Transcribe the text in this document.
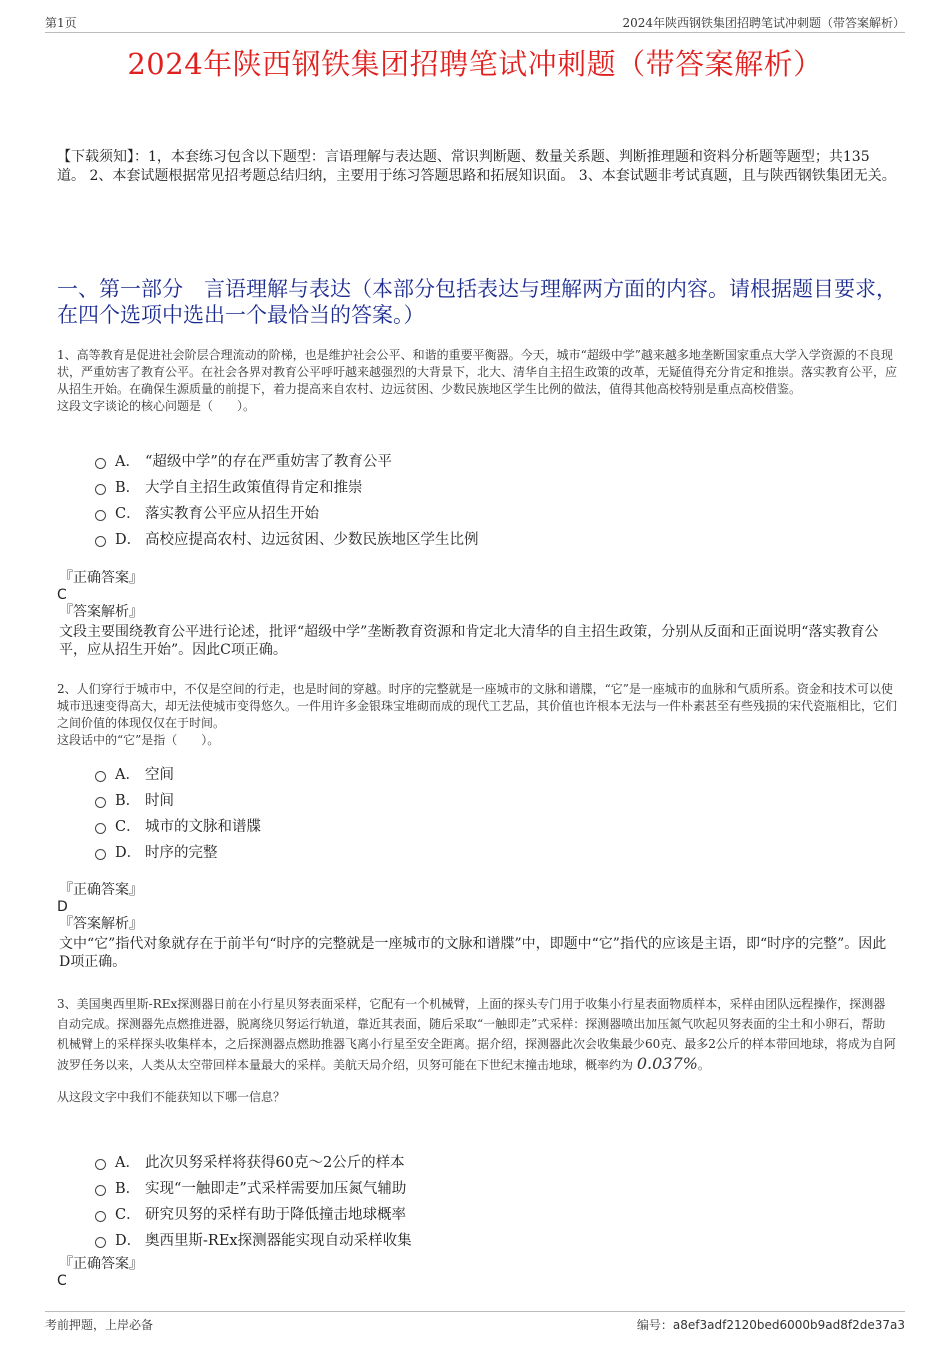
第1页	2024年陕西钢铁集团招聘笔试冲刺题（带答案解析）
2024年陕西钢铁集团招聘笔试冲刺题（带答案解析）
【下载须知】：1，本套练习包含以下题型：言语理解与表达题、常识判断题、数量关系题、判断推理题和资料分析题等题型；共135道。 2、本套试题根据常见招考题总结归纳，主要用于练习答题思路和拓展知识面。 3、本套试题非考试真题，且与陕西钢铁集团无关。
一、第一部分　言语理解与表达（本部分包括表达与理解两方面的内容。请根据题目要求，在四个选项中选出一个最恰当的答案。）
1、高等教育是促进社会阶层合理流动的阶梯，也是维护社会公平、和谐的重要平衡器。今天，城市“超级中学”越来越多地垄断国家重点大学入学资源的不良现状，严重妨害了教育公平。在社会各界对教育公平呼吁越来越强烈的大背景下，北大、清华自主招生政策的改革，无疑值得充分肯定和推崇。落实教育公平，应从招生开始。在确保生源质量的前提下，着力提高来自农村、边远贫困、少数民族地区学生比例的做法，值得其他高校特别是重点高校借鉴。
这段文字谈论的核心问题是（　　）。
A． “超级中学”的存在严重妨害了教育公平
B． 大学自主招生政策值得肯定和推崇
C． 落实教育公平应从招生开始
D． 高校应提高农村、边远贫困、少数民族地区学生比例
『正确答案』
C
『答案解析』
文段主要围绕教育公平进行论述，批评“超级中学”垄断教育资源和肯定北大清华的自主招生政策，分别从反面和正面说明“落实教育公平，应从招生开始”。因此C项正确。
2、人们穿行于城市中，不仅是空间的行走，也是时间的穿越。时序的完整就是一座城市的文脉和谱牒，“它”是一座城市的血脉和气质所系。资金和技术可以使城市迅速变得高大，却无法使城市变得悠久。一件用许多金银珠宝堆砌而成的现代工艺品，其价值也许根本无法与一件朴素甚至有些残损的宋代瓷瓶相比，它们之间价值的体现仅仅在于时间。
这段话中的“它”是指（　　）。
A． 空间
B． 时间
C． 城市的文脉和谱牒
D． 时序的完整
『正确答案』
D
『答案解析』
文中“它”指代对象就存在于前半句“时序的完整就是一座城市的文脉和谱牒”中，即题中“它”指代的应该是主语，即“时序的完整”。因此D项正确。
3、美国奥西里斯-REx探测器日前在小行星贝努表面采样，它配有一个机械臂，上面的探头专门用于收集小行星表面物质样本，采样由团队远程操作，探测器自动完成。探测器先点燃推进器，脱离绕贝努运行轨道，靠近其表面，随后采取“一触即走”式采样：探测器喷出加压氮气吹起贝努表面的尘土和小卵石，帮助机械臂上的采样探头收集样本，之后探测器点燃助推器飞离小行星至安全距离。据介绍，探测器此次会收集最少60克、最多2公斤的样本带回地球，将成为自阿波罗任务以来，人类从太空带回样本量最大的采样。美航天局介绍，贝努可能在下世纪末撞击地球，概率约为 0.037%。
从这段文字中我们不能获知以下哪一信息？
A． 此次贝努采样将获得60克～2公斤的样本
B． 实现“一触即走”式采样需要加压氮气辅助
C． 研究贝努的采样有助于降低撞击地球概率
D． 奥西里斯-REx探测器能实现自动采样收集
『正确答案』
C
考前押题，上岸必备	编号：a8ef3adf2120bed6000b9ad8f2de37a3
